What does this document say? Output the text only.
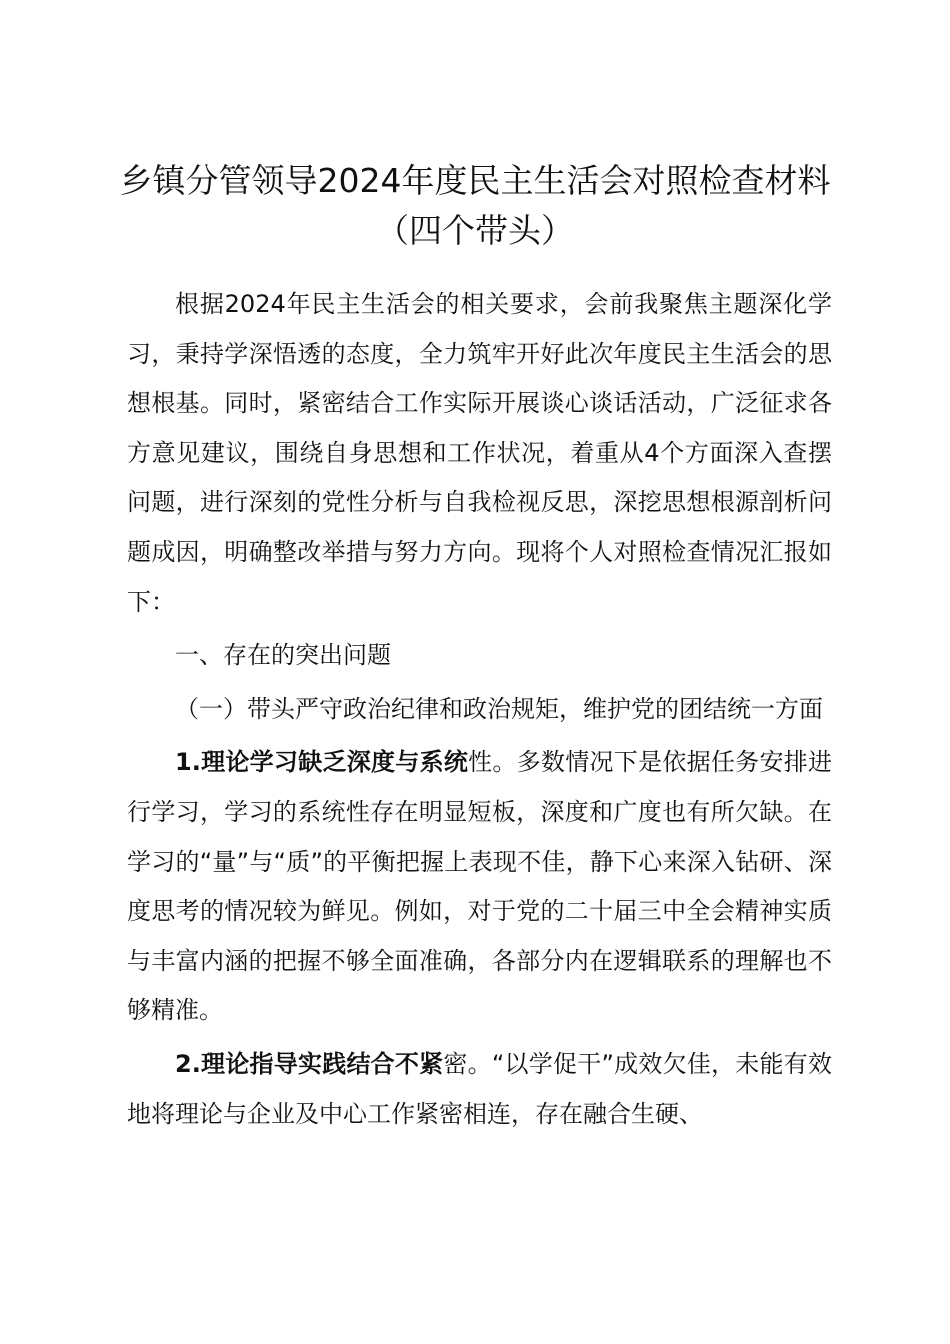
乡镇分管领导2024年度民主生活会对照检查材料（四个带头）

根据2024年民主生活会的相关要求，会前我聚焦主题深化学习，秉持学深悟透的态度，全力筑牢开好此次年度民主生活会的思想根基。同时，紧密结合工作实际开展谈心谈话活动，广泛征求各方意见建议，围绕自身思想和工作状况，着重从4个方面深入查摆问题，进行深刻的党性分析与自我检视反思，深挖思想根源剖析问题成因，明确整改举措与努力方向。现将个人对照检查情况汇报如下：

一、存在的突出问题

（一）带头严守政治纪律和政治规矩，维护党的团结统一方面

1.理论学习缺乏深度与系统性。多数情况下是依据任务安排进行学习，学习的系统性存在明显短板，深度和广度也有所欠缺。在学习的“量”与“质”的平衡把握上表现不佳，静下心来深入钻研、深度思考的情况较为鲜见。例如，对于党的二十届三中全会精神实质与丰富内涵的把握不够全面准确，各部分内在逻辑联系的理解也不够精准。

2.理论指导实践结合不紧密。“以学促干”成效欠佳，未能有效地将理论与企业及中心工作紧密相连，存在融合生硬、
